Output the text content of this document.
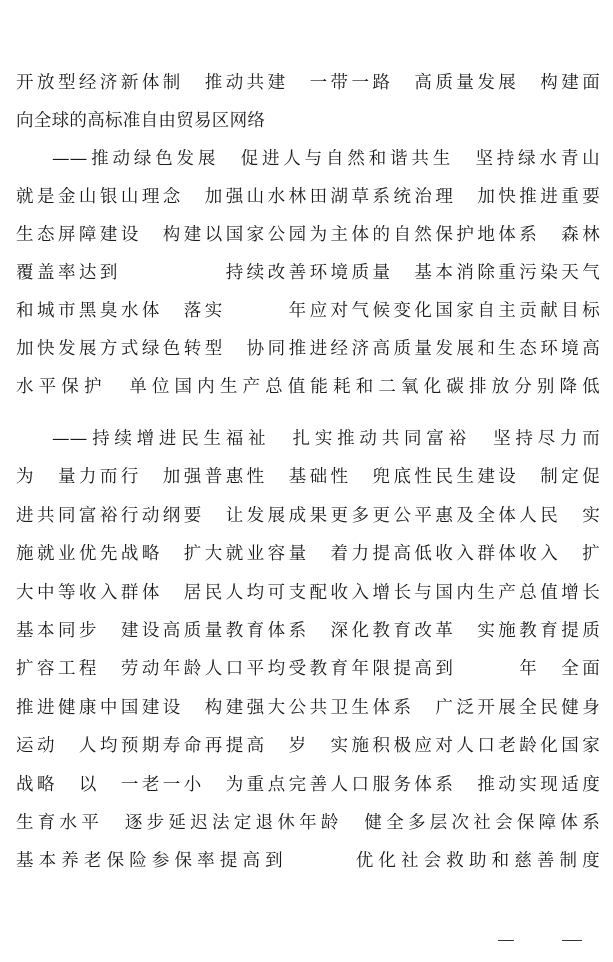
开放型经济新体制　推动共建　一带一路　高质量发展　构建面
向全球的高标准自由贸易区网络
——推动绿色发展　促进人与自然和谐共生　坚持绿水青山
就是金山银山理念　加强山水林田湖草系统治理　加快推进重要
生态屏障建设　构建以国家公园为主体的自然保护地体系　森林
覆盖率达到　　　　　持续改善环境质量　基本消除重污染天气
和城市黑臭水体　落实　　　年应对气候变化国家自主贡献目标
加快发展方式绿色转型　协同推进经济高质量发展和生态环境高
水平保护　单位国内生产总值能耗和二氧化碳排放分别降低
——持续增进民生福祉　扎实推动共同富裕　坚持尽力而
为　量力而行　加强普惠性　基础性　兜底性民生建设　制定促
进共同富裕行动纲要　让发展成果更多更公平惠及全体人民　实
施就业优先战略　扩大就业容量　着力提高低收入群体收入　扩
大中等收入群体　居民人均可支配收入增长与国内生产总值增长
基本同步　建设高质量教育体系　深化教育改革　实施教育提质
扩容工程　劳动年龄人口平均受教育年限提高到　　　年　全面
推进健康中国建设　构建强大公共卫生体系　广泛开展全民健身
运动　人均预期寿命再提高　岁　实施积极应对人口老龄化国家
战略　以　一老一小　为重点完善人口服务体系　推动实现适度
生育水平　逐步延迟法定退休年龄　健全多层次社会保障体系
基本养老保险参保率提高到　　　优化社会救助和慈善制度
